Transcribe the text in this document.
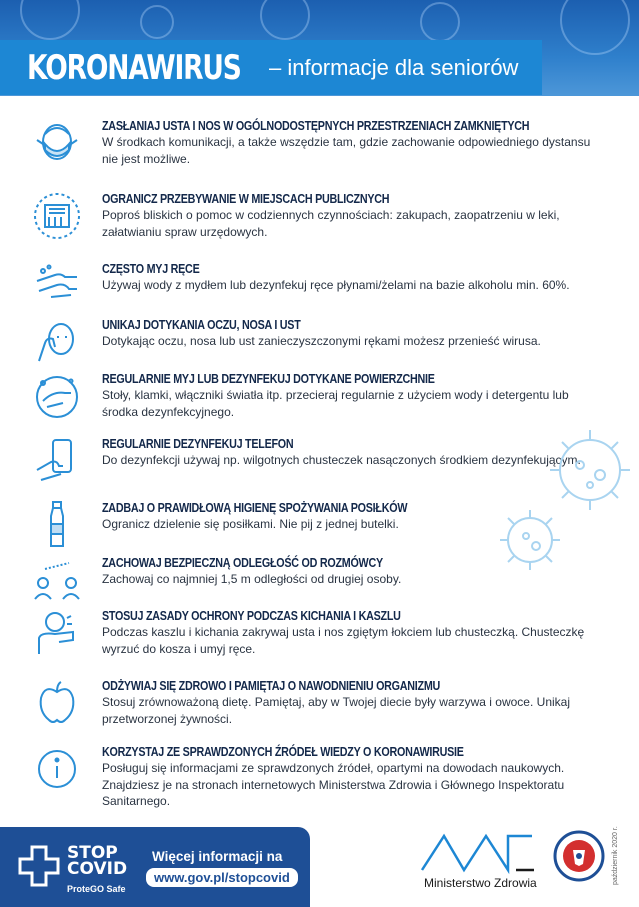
KORONAWIRUS – informacje dla seniorów
ZASŁANIAJ USTA I NOS W OGÓLNODOSTĘPNYCH PRZESTRZENIACH ZAMKNIĘTYCH
W środkach komunikacji, a także wszędzie tam, gdzie zachowanie odpowiedniego dystansu nie jest możliwe.
OGRANICZ PRZEBYWANIE W MIEJSCACH PUBLICZNYCH
Poproś bliskich o pomoc w codziennych czynnościach: zakupach, zaopatrzeniu w leki, załatwianiu spraw urzędowych.
CZĘSTO MYJ RĘCE
Używaj wody z mydłem lub dezynfekuj ręce płynami/żelami na bazie alkoholu min. 60%.
UNIKAJ DOTYKANIA OCZU, NOSA I UST
Dotykając oczu, nosa lub ust zanieczyszczonymi rękami możesz przenieść wirusa.
REGULARNIE MYJ LUB DEZYNFEKUJ DOTYKANE POWIERZCHNIE
Stoły, klamki, włączniki światła itp. przecieraj regularnie z użyciem wody i detergentu lub środka dezynfekcyjnego.
REGULARNIE DEZYNFEKUJ TELEFON
Do dezynfekcji używaj np. wilgotnych chusteczek nasączonych środkiem dezynfekującym.
ZADBAJ O PRAWIDŁOWĄ HIGIENĘ SPOŻYWANIA POSIŁKÓW
Ogranicz dzielenie się posiłkami. Nie pij z jednej butelki.
ZACHOWAJ BEZPIECZNĄ ODLEGŁOŚĆ OD ROZMÓWCY
Zachowaj co najmniej 1,5 m odległości od drugiej osoby.
STOSUJ ZASADY OCHRONY PODCZAS KICHANIA I KASZLU
Podczas kaszlu i kichania zakrywaj usta i nos zgiętym łokciem lub chusteczką. Chusteczkę wyrzuć do kosza i umyj ręce.
ODŻYWIAJ SIĘ ZDROWO I PAMIĘTAJ O NAWODNIENIU ORGANIZMU
Stosuj zrównoważoną dietę. Pamiętaj, aby w Twojej diecie były warzywa i owoce. Unikaj przetworzonej żywności.
KORZYSTAJ ZE SPRAWDZONYCH ŹRÓDEŁ WIEDZY O KORONAWIRUSIE
Posługuj się informacjami ze sprawdzonych źródeł, opartymi na dowodach naukowych. Znajdziesz je na stronach internetowych Ministerstwa Zdrowia i Głównego Inspektoratu Sanitarnego.
STOP
COVID
ProteGO Safe
Więcej informacji na
www.gov.pl/stopcovid	Ministerstwo Zdrowia	październik 2020 r.
